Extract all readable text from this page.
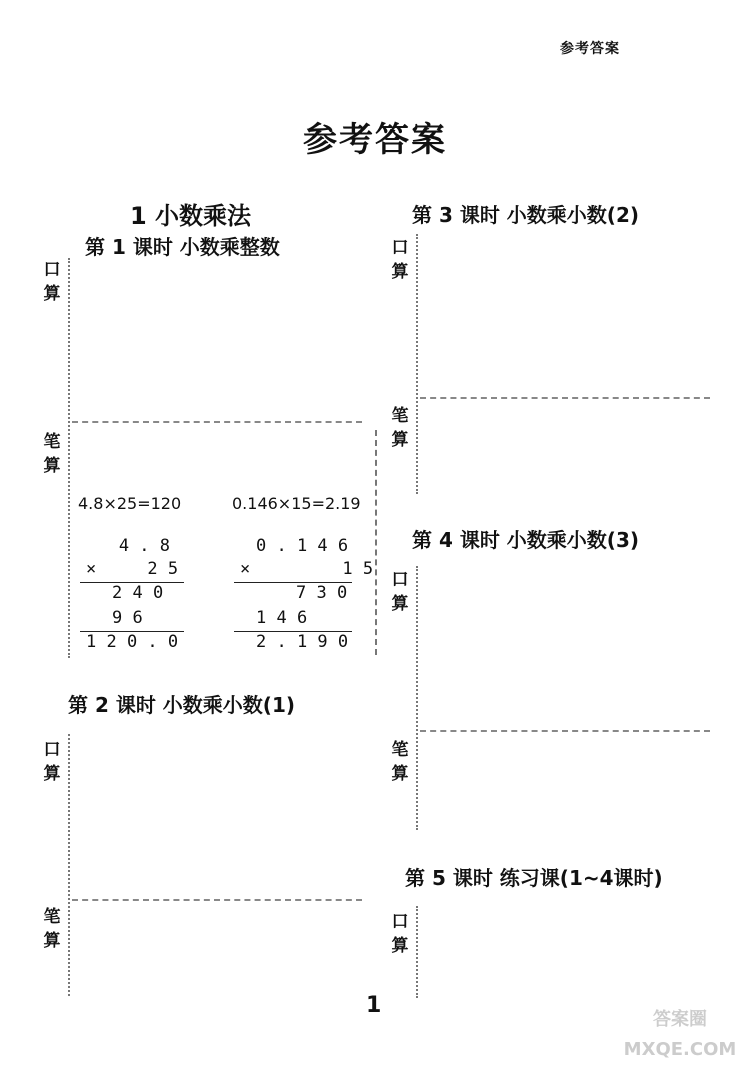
参考答案
参考答案
1 小数乘法
第 1 课时 小数乘整数
第 2 课时 小数乘小数(1)
第 3 课时 小数乘小数(2)
第 4 课时 小数乘小数(3)
第 5 课时 练习课(1~4课时)
口
算
笔
算
口
算
笔
算
口
算
笔
算
口
算
笔
算
口
算
4.8×25=120	0.146×15=2.19
4 . 8
×     2 5
2 4 0
9 6
1 2 0 . 0
0 . 1 4 6
×         1 5
7 3 0
1 4 6
2 . 1 9 0
1
答案圈
MXQE.COM
